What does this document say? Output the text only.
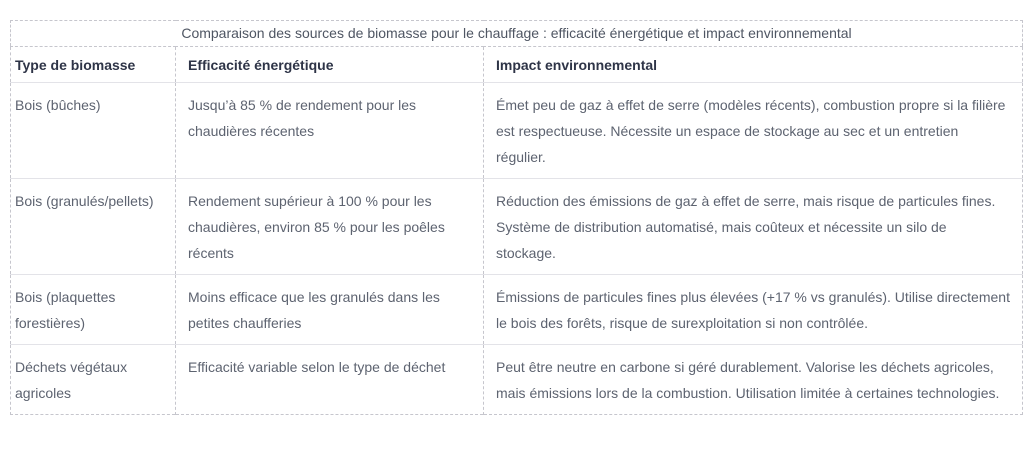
Comparaison des sources de biomasse pour le chauffage : efficacité énergétique et impact environnemental		
Type de biomasse	Efficacité énergétique	Impact environnemental
Bois (bûches)	Jusqu’à 85 % de rendement pour les chaudières récentes	Émet peu de gaz à effet de serre (modèles récents), combustion propre si la filière est respectueuse. Nécessite un espace de stockage au sec et un entretien régulier.
Bois (granulés/pellets)	Rendement supérieur à 100 % pour les chaudières, environ 85 % pour les poêles récents	Réduction des émissions de gaz à effet de serre, mais risque de particules fines. Système de distribution automatisé, mais coûteux et nécessite un silo de stockage.
Bois (plaquettes forestières)	Moins efficace que les granulés dans les petites chaufferies	Émissions de particules fines plus élevées (+17 % vs granulés). Utilise directement le bois des forêts, risque de surexploitation si non contrôlée.
Déchets végétaux agricoles	Efficacité variable selon le type de déchet	Peut être neutre en carbone si géré durablement. Valorise les déchets agricoles, mais émissions lors de la combustion. Utilisation limitée à certaines technologies.
